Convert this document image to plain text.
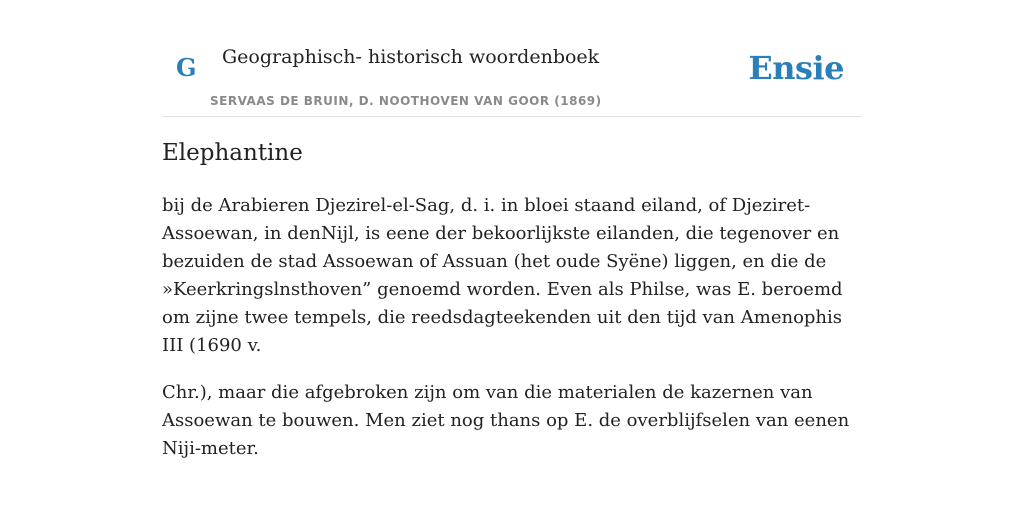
G Geographisch- historisch woordenboek
SERVAAS DE BRUIN, D. NOOTHOVEN VAN GOOR (1869)
Ensie
Elephantine

bij de Arabieren Djezirel-el-Sag, d. i. in bloei staand eiland, of Djeziret-Assoewan, in denNijl, is eene der bekoorlijkste eilanden, die tegenover en bezuiden de stad Assoewan of Assuan (het oude Syëne) liggen, en die de »Keerkringslnsthoven” genoemd worden. Even als Philse, was E. beroemd om zijne twee tempels, die reedsdagteekenden uit den tijd van Amenophis III (1690 v.

Chr.), maar die afgebroken zijn om van die materialen de kazernen van Assoewan te bouwen. Men ziet nog thans op E. de overblijfselen van eenen Niji-meter.
